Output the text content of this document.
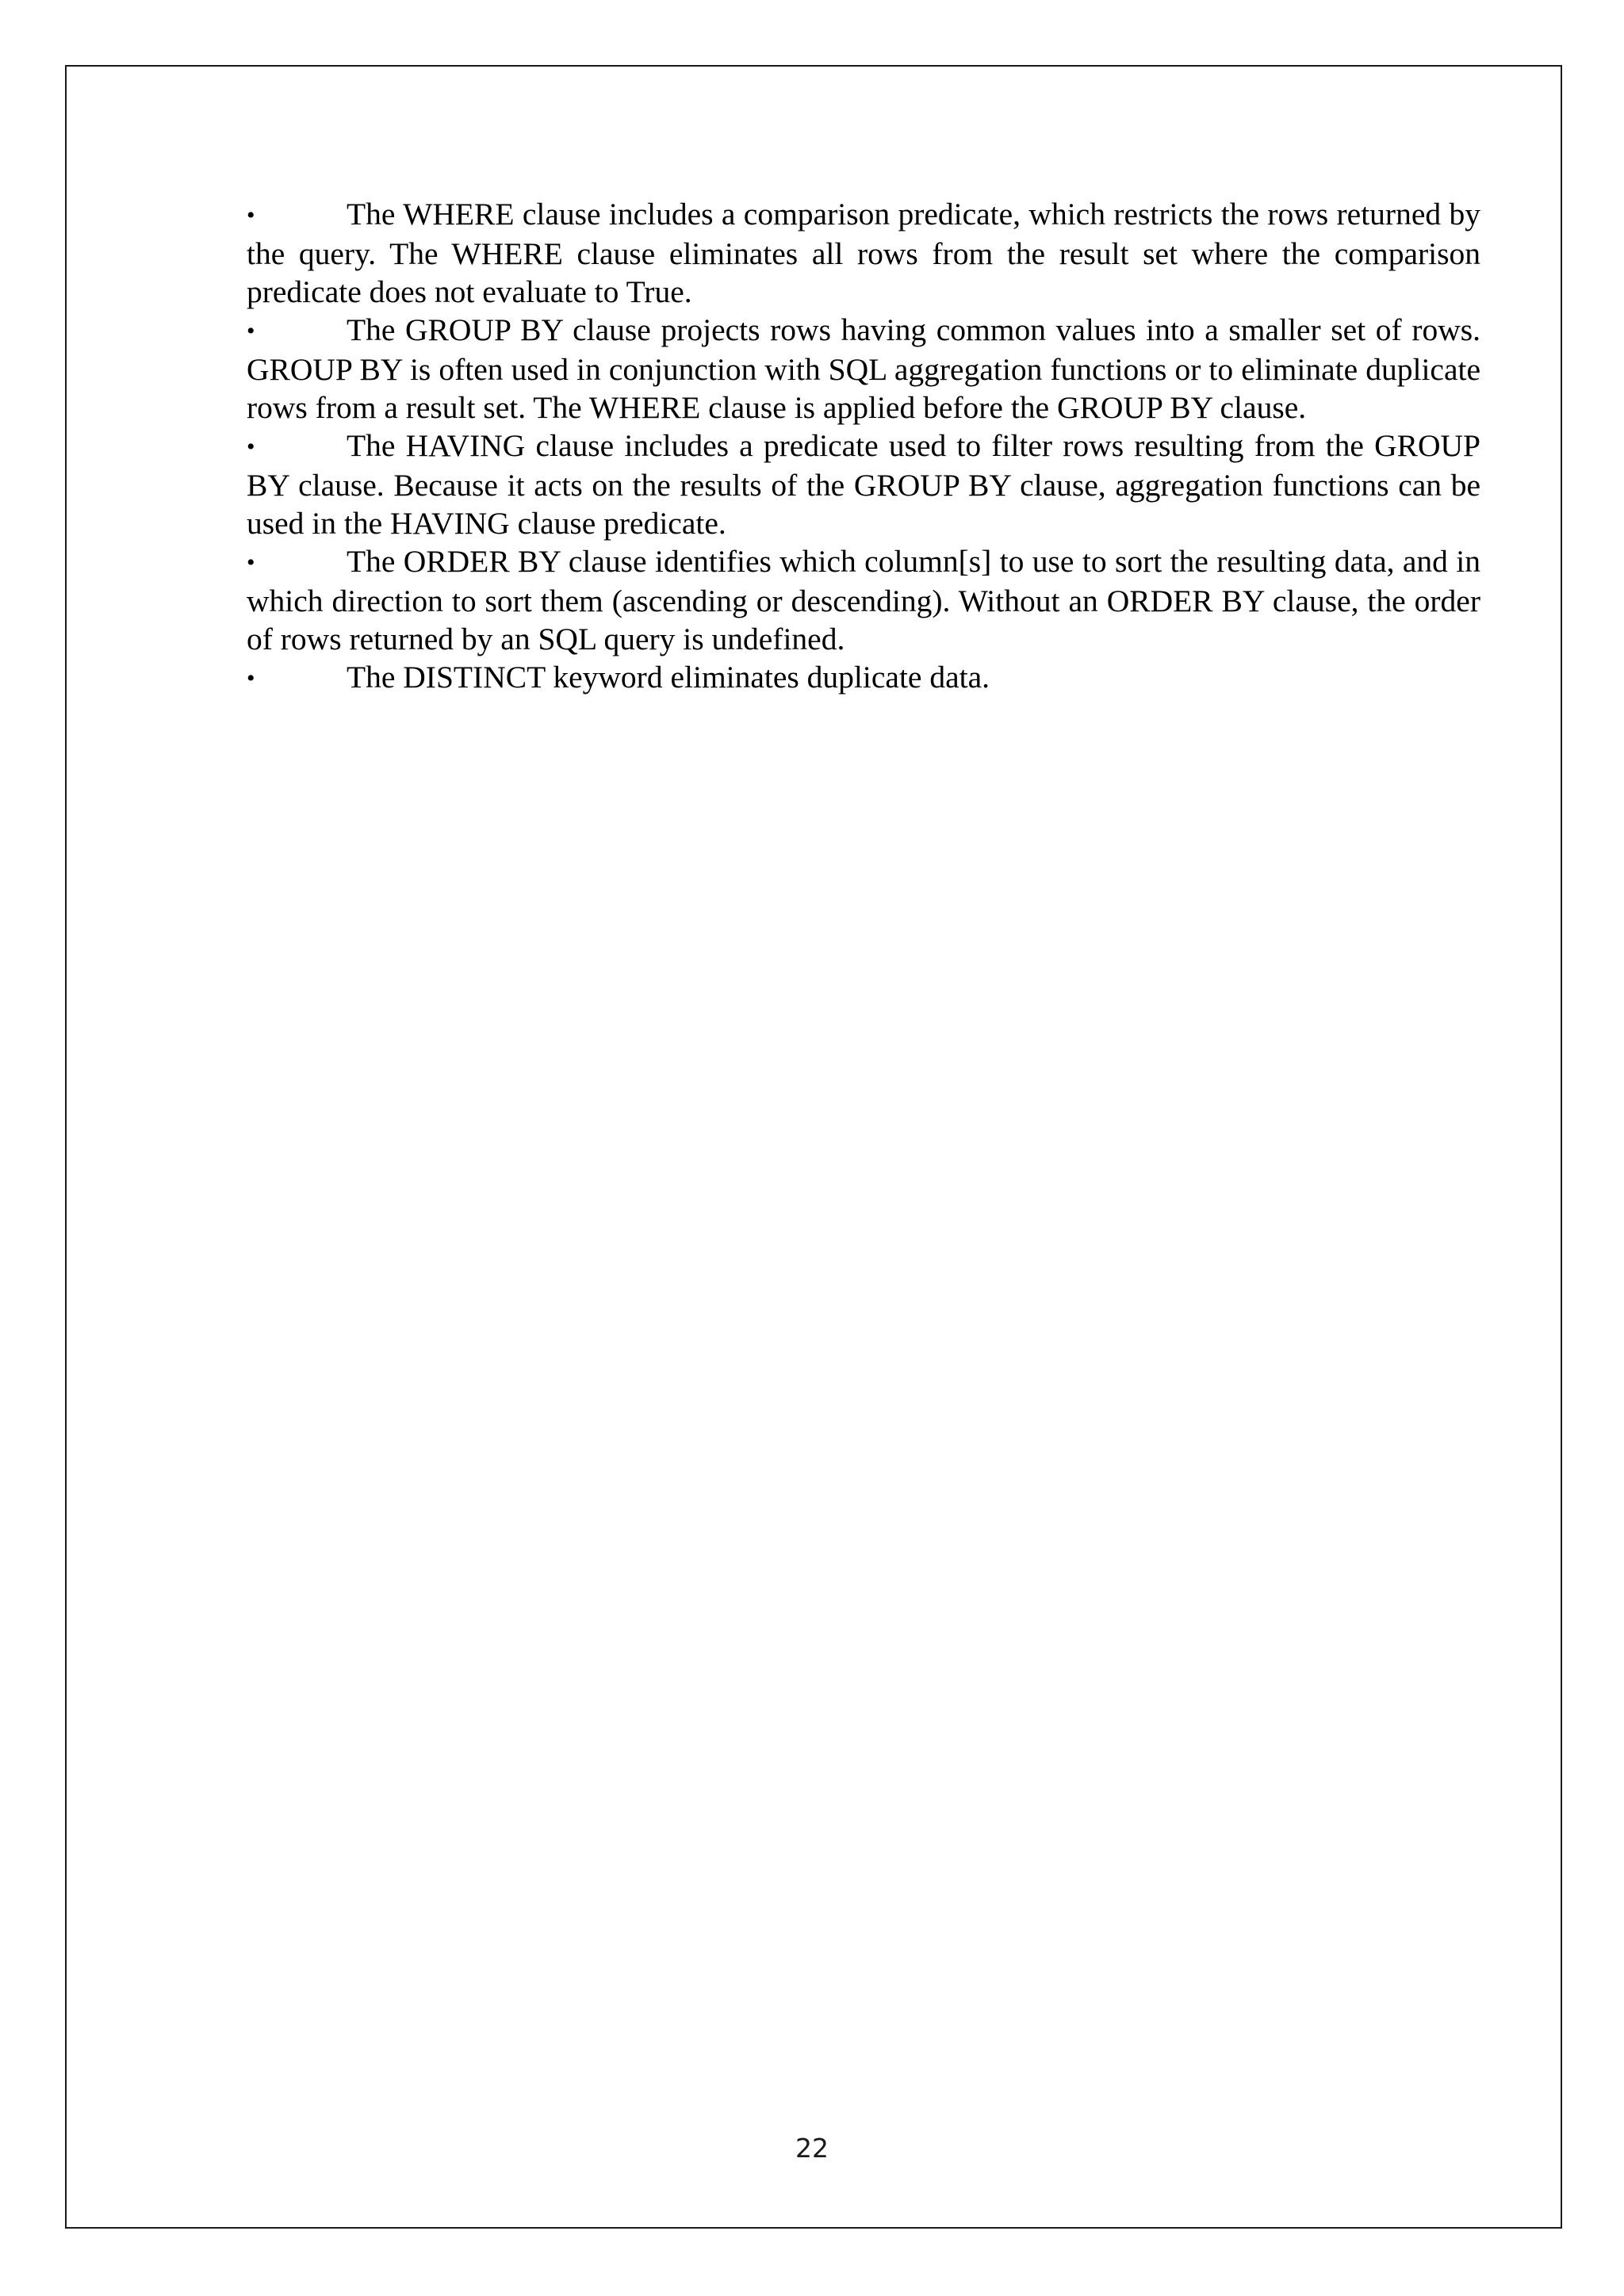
•	The WHERE clause includes a comparison predicate, which restricts the rows returned by the query. The WHERE clause eliminates all rows from the result set where the comparison predicate does not evaluate to True.

•	The GROUP BY clause projects rows having common values into a smaller set of rows. GROUP BY is often used in conjunction with SQL aggregation functions or to eliminate duplicate rows from a result set. The WHERE clause is applied before the GROUP BY clause.

•	The HAVING clause includes a predicate used to filter rows resulting from the GROUP BY clause. Because it acts on the results of the GROUP BY clause, aggregation functions can be used in the HAVING clause predicate.

•	The ORDER BY clause identifies which column[s] to use to sort the resulting data, and in which direction to sort them (ascending or descending). Without an ORDER BY clause, the order of rows returned by an SQL query is undefined.

•	The DISTINCT keyword eliminates duplicate data.

22
